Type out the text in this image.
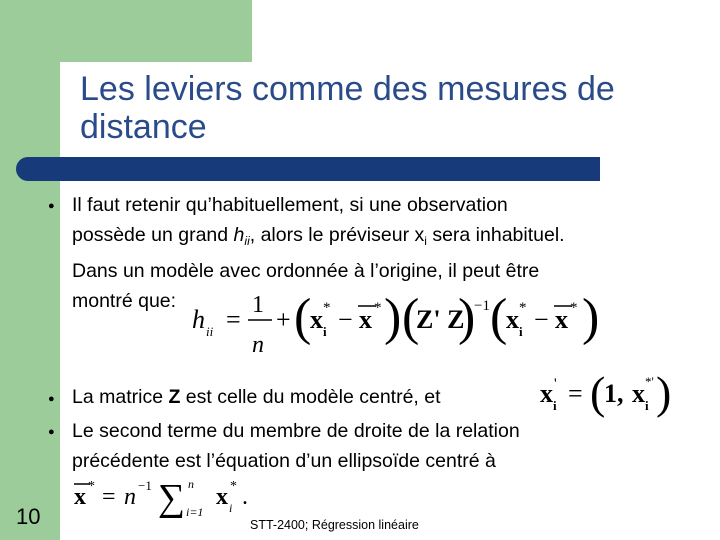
Les leviers comme des mesures de
distance
● Il faut retenir qu’habituellement, si une observation
possède un grand $h_{ii}$, alors le préviseur $x_i$ sera inhabituel.
Dans un modèle avec ordonnée à l’origine, il peut être
montré que:
h ii = 1
n
+ (
x i
* − x * ) (
Z' Z
)
−1 (
x i
* − x * )
● La matrice Z est celle du modèle centré, et	x i
' = (
1, x i
*' )
● Le second terme du membre de droite de la relation
précédente est l’équation d’un ellipsoïde centré à
x * = n −1 ∑ n
i=1
x i
* .
10	STT-2400; Régression linéaire
